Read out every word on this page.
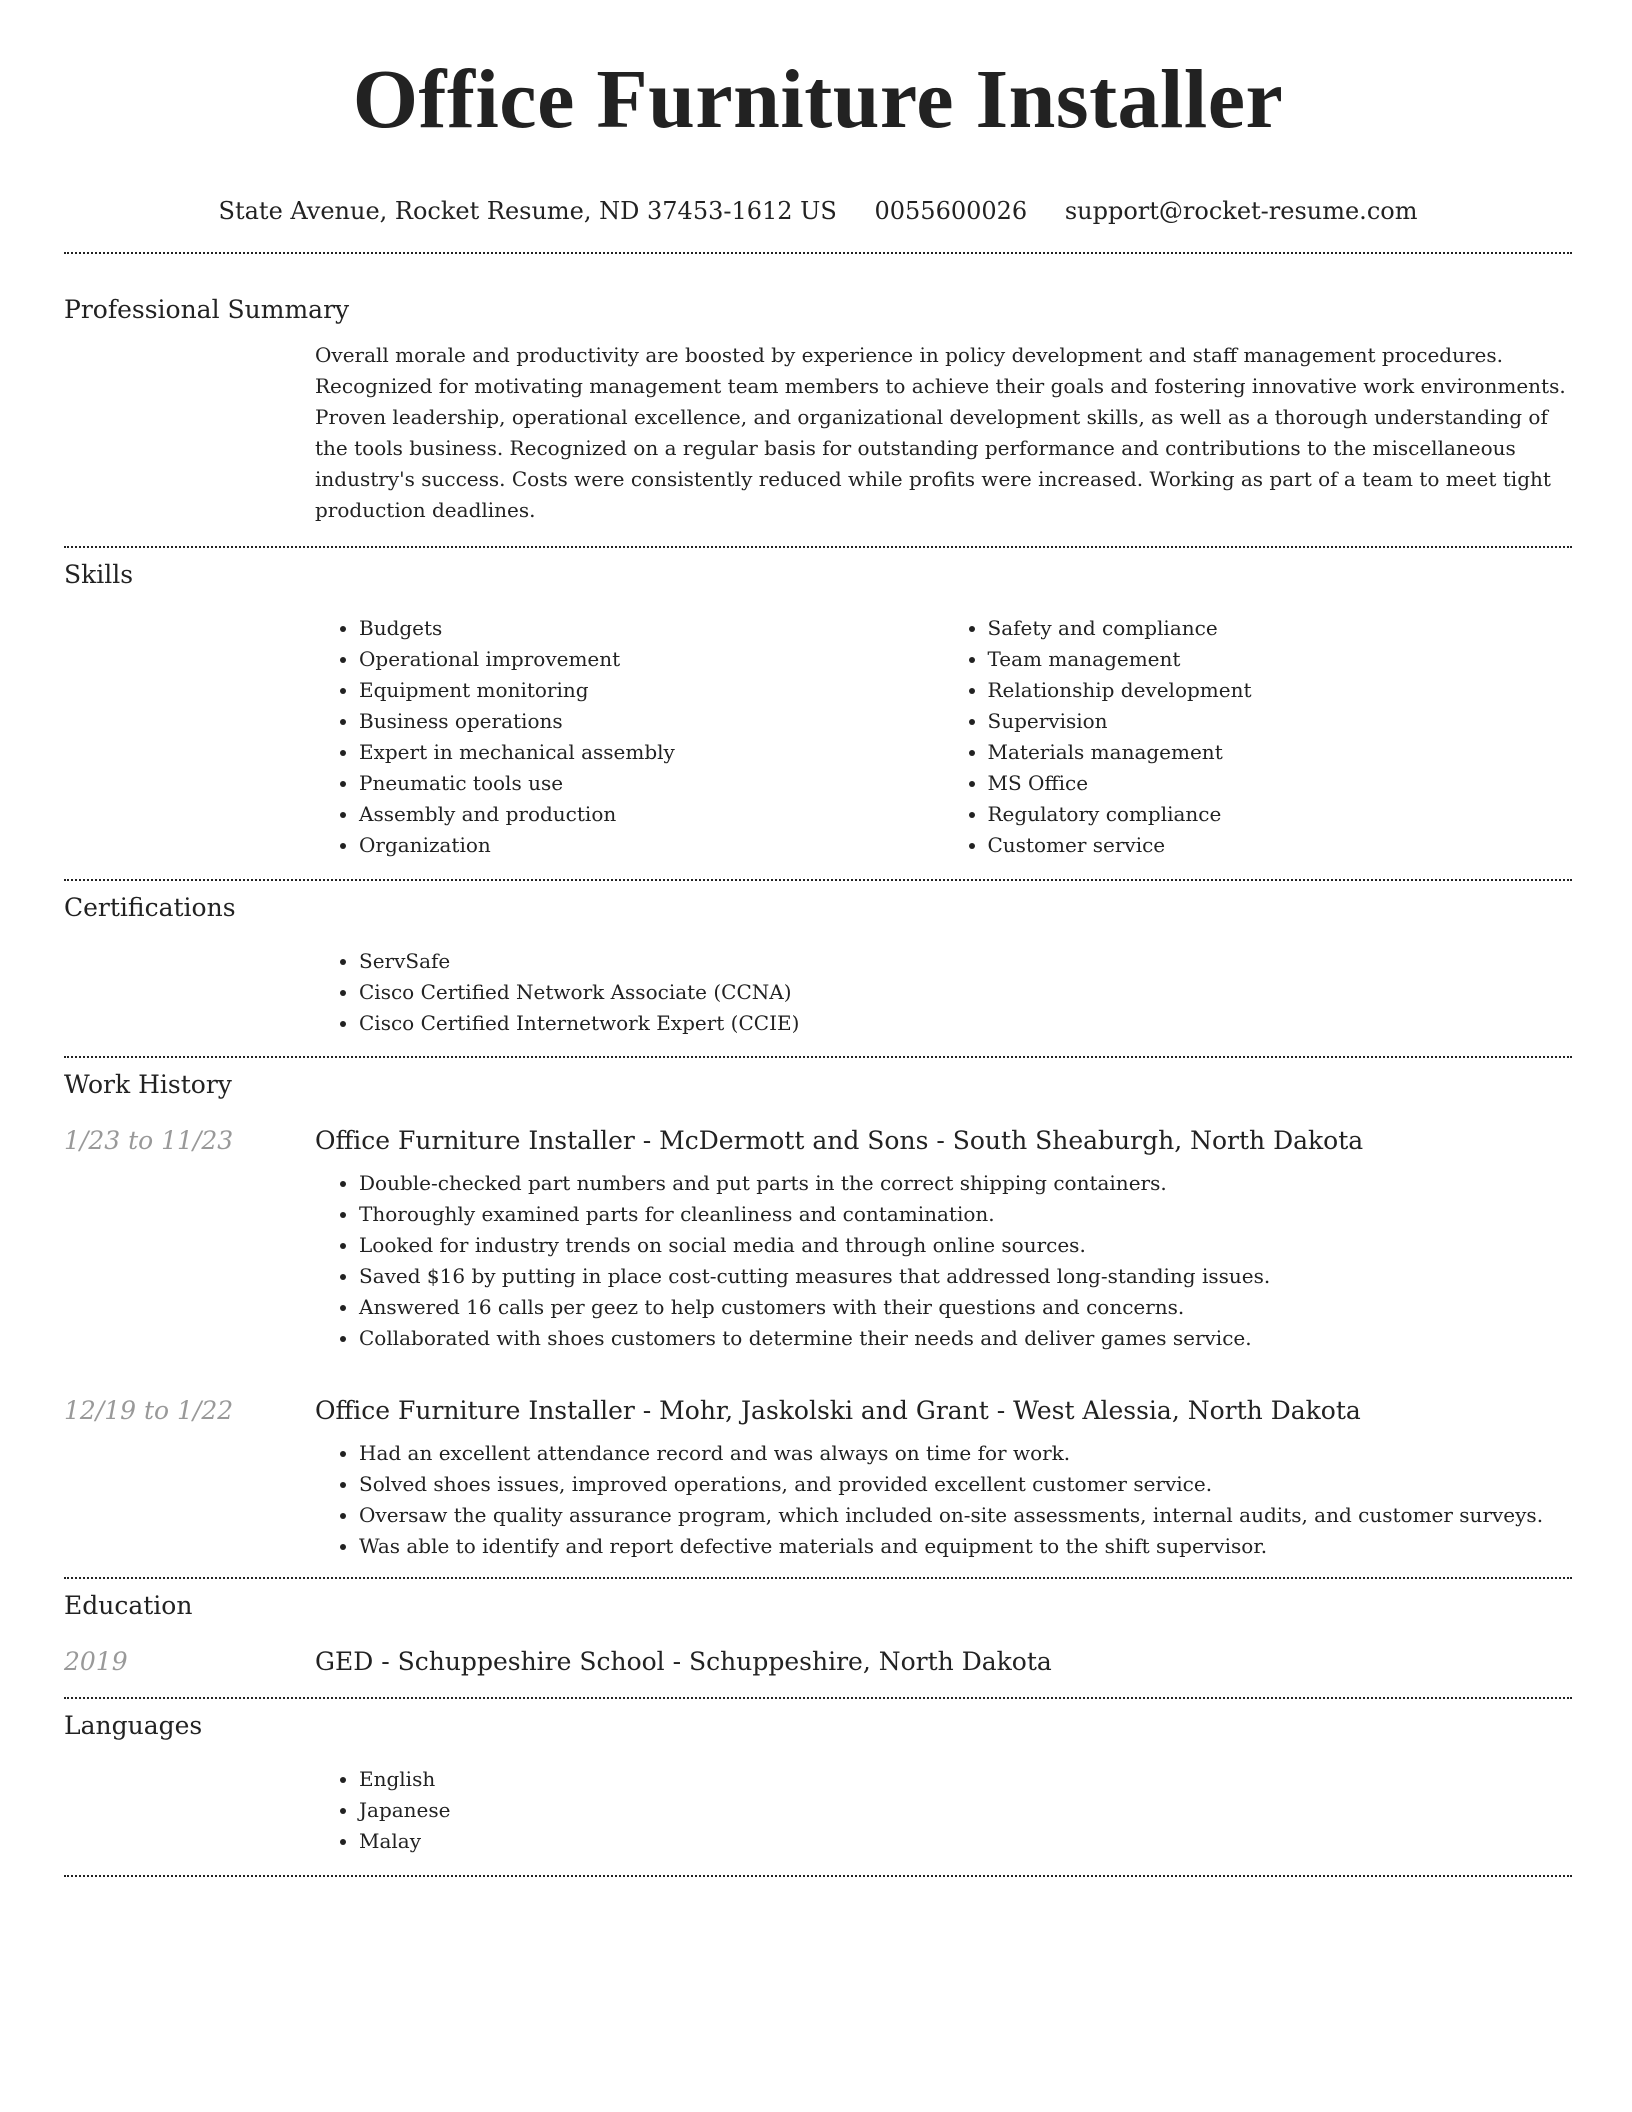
Office Furniture Installer
State Avenue, Rocket Resume, ND 37453-1612 US 0055600026 support@rocket-resume.com
Professional Summary

Overall morale and productivity are boosted by experience in policy development and staff management procedures. Recognized for motivating management team members to achieve their goals and fostering innovative work environments. Proven leadership, operational excellence, and organizational development skills, as well as a thorough understanding of the tools business. Recognized on a regular basis for outstanding performance and contributions to the miscellaneous industry's success. Costs were consistently reduced while profits were increased. Working as part of a team to meet tight production deadlines.

Skills
• Budgets
• Operational improvement
• Equipment monitoring
• Business operations
• Expert in mechanical assembly
• Pneumatic tools use
• Assembly and production
• Organization
• Safety and compliance
• Team management
• Relationship development
• Supervision
• Materials management
• MS Office
• Regulatory compliance
• Customer service
Certifications
• ServSafe
• Cisco Certified Network Associate (CCNA)
• Cisco Certified Internetwork Expert (CCIE)
Work History
1/23 to 11/23	Office Furniture Installer - McDermott and Sons - South Sheaburgh, North Dakota
• Double-checked part numbers and put parts in the correct shipping containers.
• Thoroughly examined parts for cleanliness and contamination.
• Looked for industry trends on social media and through online sources.
• Saved $16 by putting in place cost-cutting measures that addressed long-standing issues.
• Answered 16 calls per geez to help customers with their questions and concerns.
• Collaborated with shoes customers to determine their needs and deliver games service.
12/19 to 1/22	Office Furniture Installer - Mohr, Jaskolski and Grant - West Alessia, North Dakota
• Had an excellent attendance record and was always on time for work.
• Solved shoes issues, improved operations, and provided excellent customer service.
• Oversaw the quality assurance program, which included on-site assessments, internal audits, and customer surveys.
• Was able to identify and report defective materials and equipment to the shift supervisor.
Education
2019	GED - Schuppeshire School - Schuppeshire, North Dakota
Languages
• English
• Japanese
• Malay
